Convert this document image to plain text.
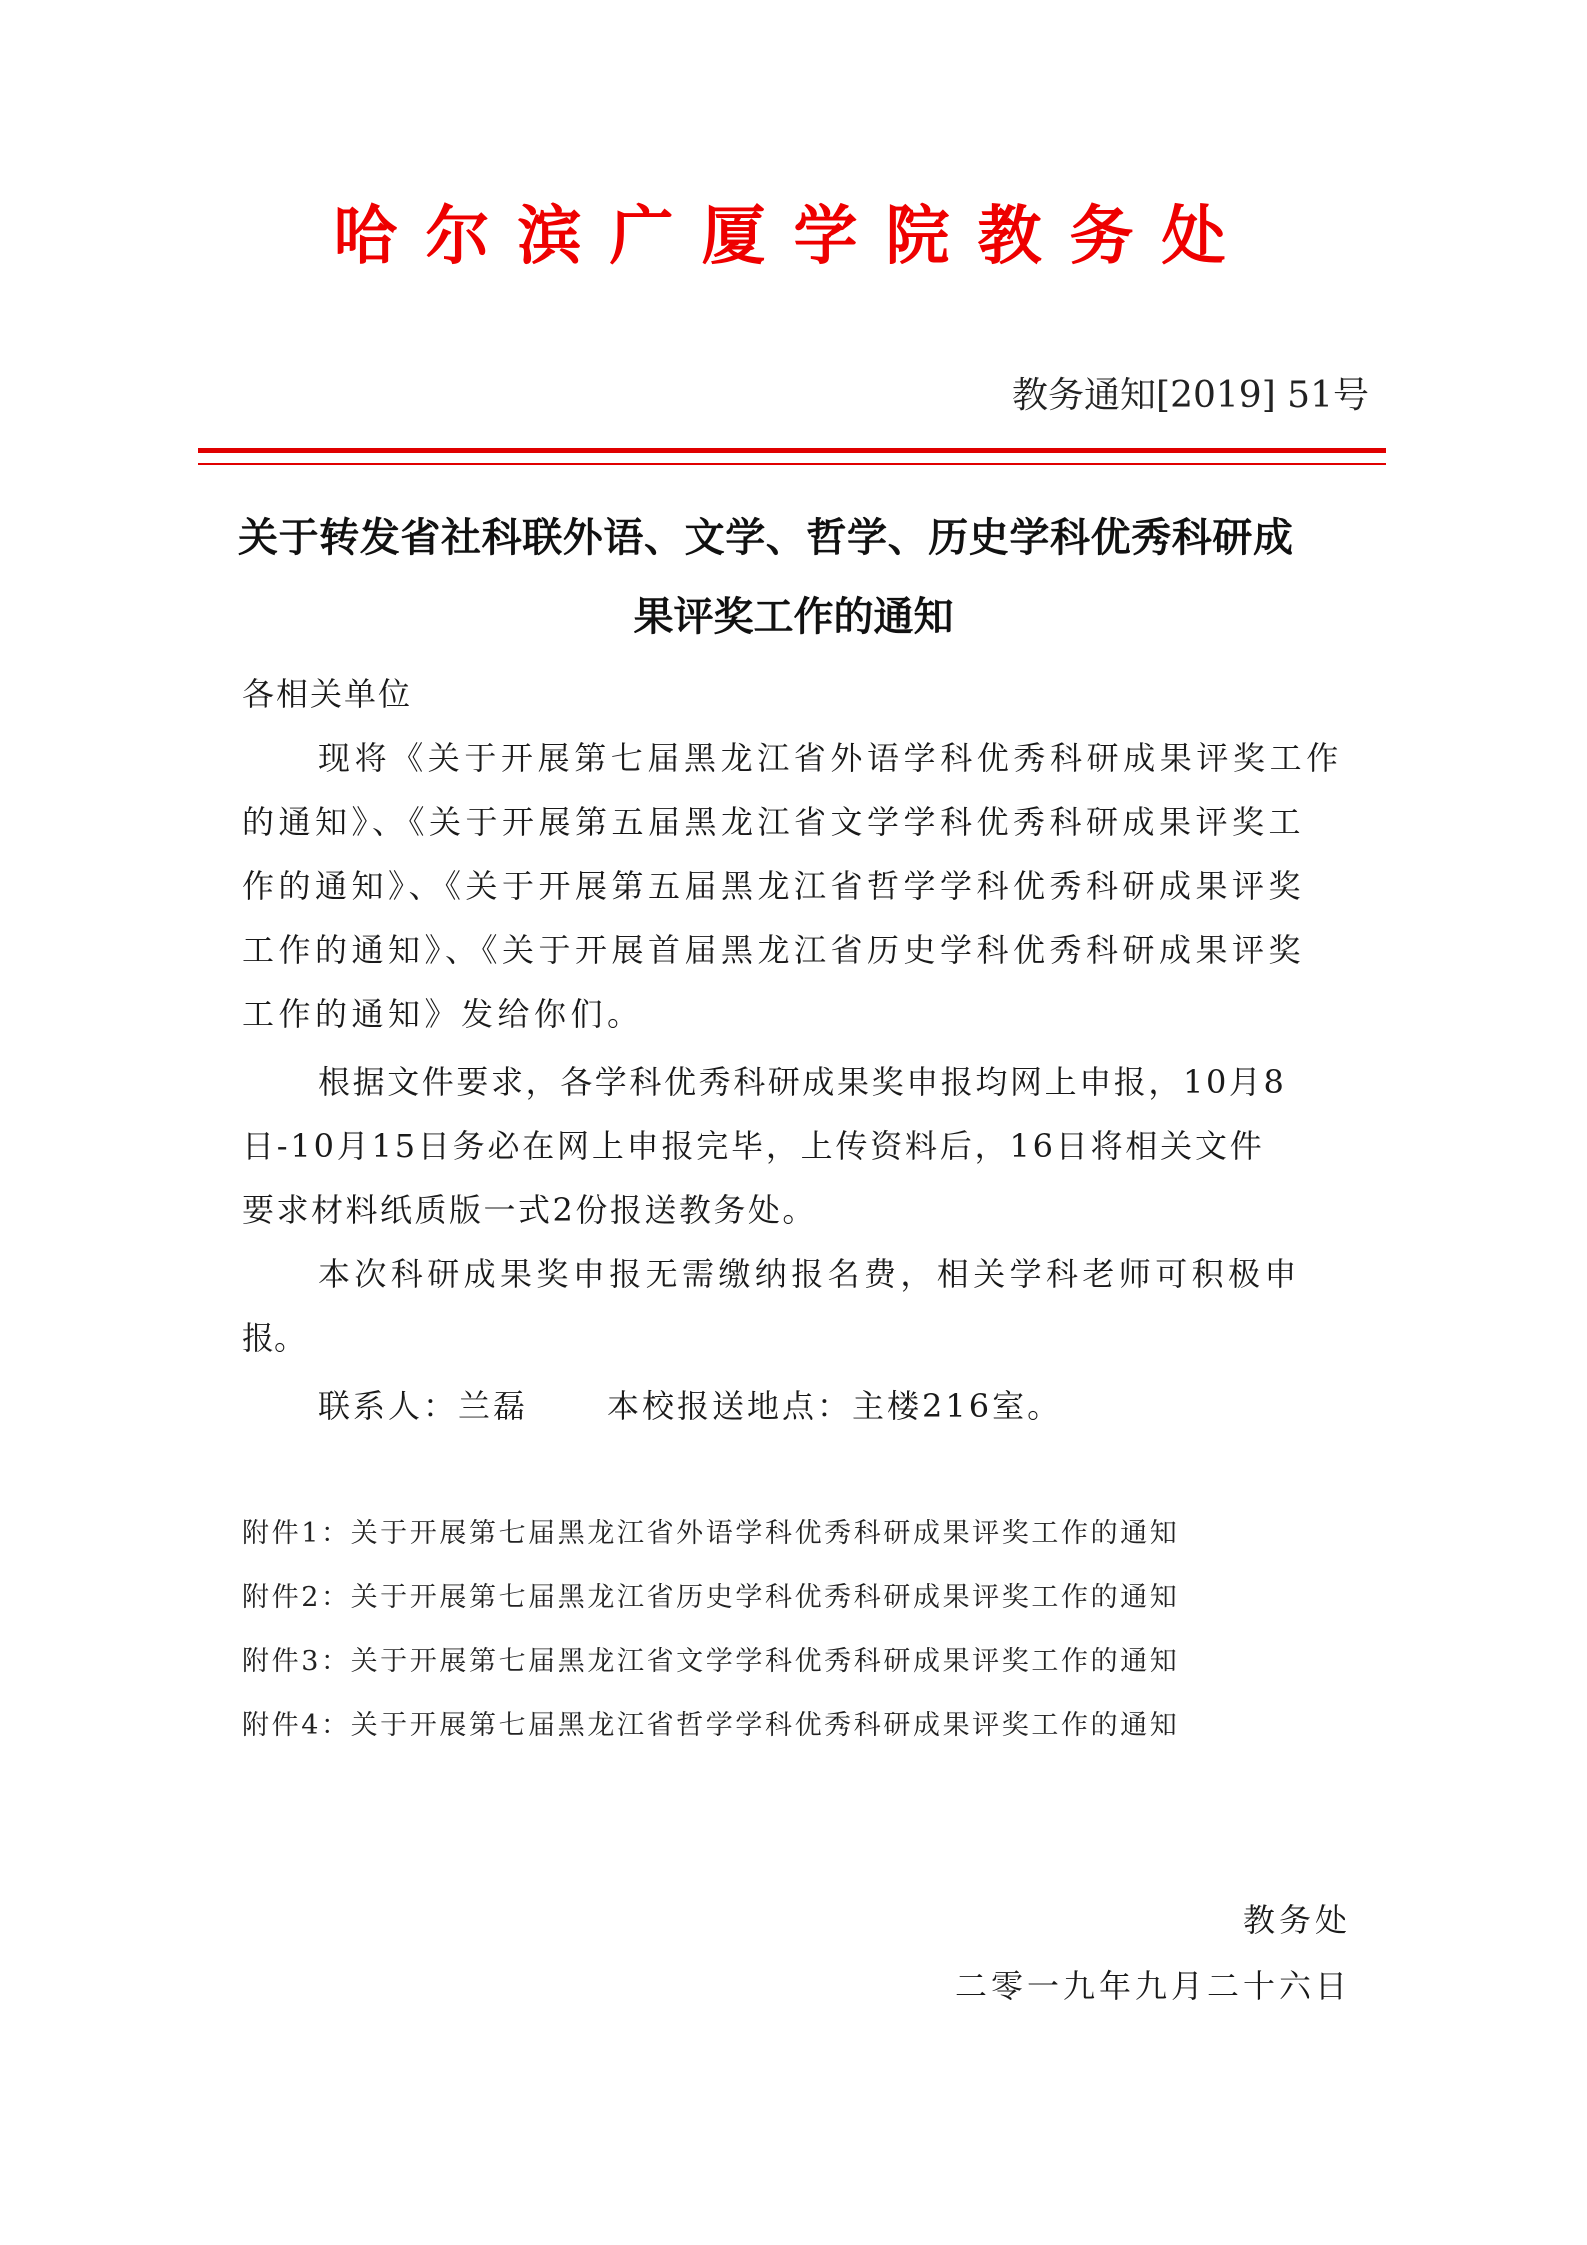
哈尔滨广厦学院教务处
教务通知[2019] 51号
关于转发省社科联外语、文学、哲学、历史学科优秀科研成
果评奖工作的通知
各相关单位
现将《关于开展第七届黑龙江省外语学科优秀科研成果评奖工作
的通知》、《关于开展第五届黑龙江省文学学科优秀科研成果评奖工
作的通知》、《关于开展第五届黑龙江省哲学学科优秀科研成果评奖
工作的通知》、《关于开展首届黑龙江省历史学科优秀科研成果评奖
工作的通知》发给你们。
根据文件要求，各学科优秀科研成果奖申报均网上申报，10月8
日-10月15日务必在网上申报完毕，上传资料后，16日将相关文件
要求材料纸质版一式2份报送教务处。
本次科研成果奖申报无需缴纳报名费，相关学科老师可积极申
报。
联系人：兰磊      本校报送地点：主楼216室。
附件1：关于开展第七届黑龙江省外语学科优秀科研成果评奖工作的通知
附件2：关于开展第七届黑龙江省历史学科优秀科研成果评奖工作的通知
附件3：关于开展第七届黑龙江省文学学科优秀科研成果评奖工作的通知
附件4：关于开展第七届黑龙江省哲学学科优秀科研成果评奖工作的通知
教务处
二零一九年九月二十六日
